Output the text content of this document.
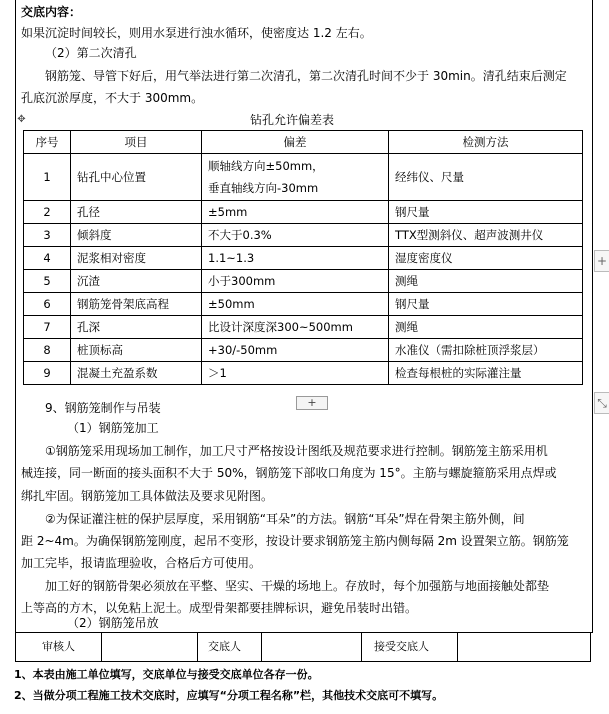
交底内容：
如果沉淀时间较长，则用水泵进行浊水循环，使密度达 1.2 左右。
（2）第二次清孔
钢筋笼、导管下好后，用气举法进行第二次清孔，第二次清孔时间不少于 30min。清孔结束后测定
孔底沉淤厚度，不大于 300mm。
✥	钻孔允许偏差表
序号	项目	偏差	检测方法
1	钻孔中心位置	顺轴线方向±50mm，
垂直轴线方向-30mm	经纬仪、尺量
2	孔径	±5mm	钢尺量
3	倾斜度	不大于0.3%	TTX型测斜仪、超声波测井仪
4	泥浆相对密度	1.1~1.3	湿度密度仪
5	沉渣	小于300mm	测绳
6	钢筋笼骨架底高程	±50mm	钢尺量
7	孔深	比设计深度深300~500mm	测绳
8	桩顶标高	+30/-50mm	水准仪（需扣除桩顶浮浆层）
9	混凝土充盈系数	＞1	检查每根桩的实际灌注量
+
9、钢筋笼制作与吊装
（1）钢筋笼加工
①钢筋笼采用现场加工制作，加工尺寸严格按设计图纸及规范要求进行控制。钢筋笼主筋采用机
械连接，同一断面的接头面积不大于 50%，钢筋笼下部收口角度为 15°。主筋与螺旋箍筋采用点焊或
绑扎牢固。钢筋笼加工具体做法及要求见附图。
②为保证灌注桩的保护层厚度，采用钢筋“耳朵”的方法。钢筋“耳朵”焊在骨架主筋外侧，间
距 2~4m。为确保钢筋笼刚度，起吊不变形，按设计要求钢筋笼主筋内侧每隔 2m 设置架立筋。钢筋笼
加工完毕，报请监理验收，合格后方可使用。
加工好的钢筋骨架必须放在平整、坚实、干燥的场地上。存放时，每个加强筋与地面接触处都垫
上等高的方木，以免粘上泥土。成型骨架都要挂牌标识，避免吊装时出错。
（2）钢筋笼吊放
审核人	交底人	接受交底人
1、本表由施工单位填写，交底单位与接受交底单位各存一份。
2、当做分项工程施工技术交底时，应填写“分项工程名称”栏，其他技术交底可不填写。
+
⤡
